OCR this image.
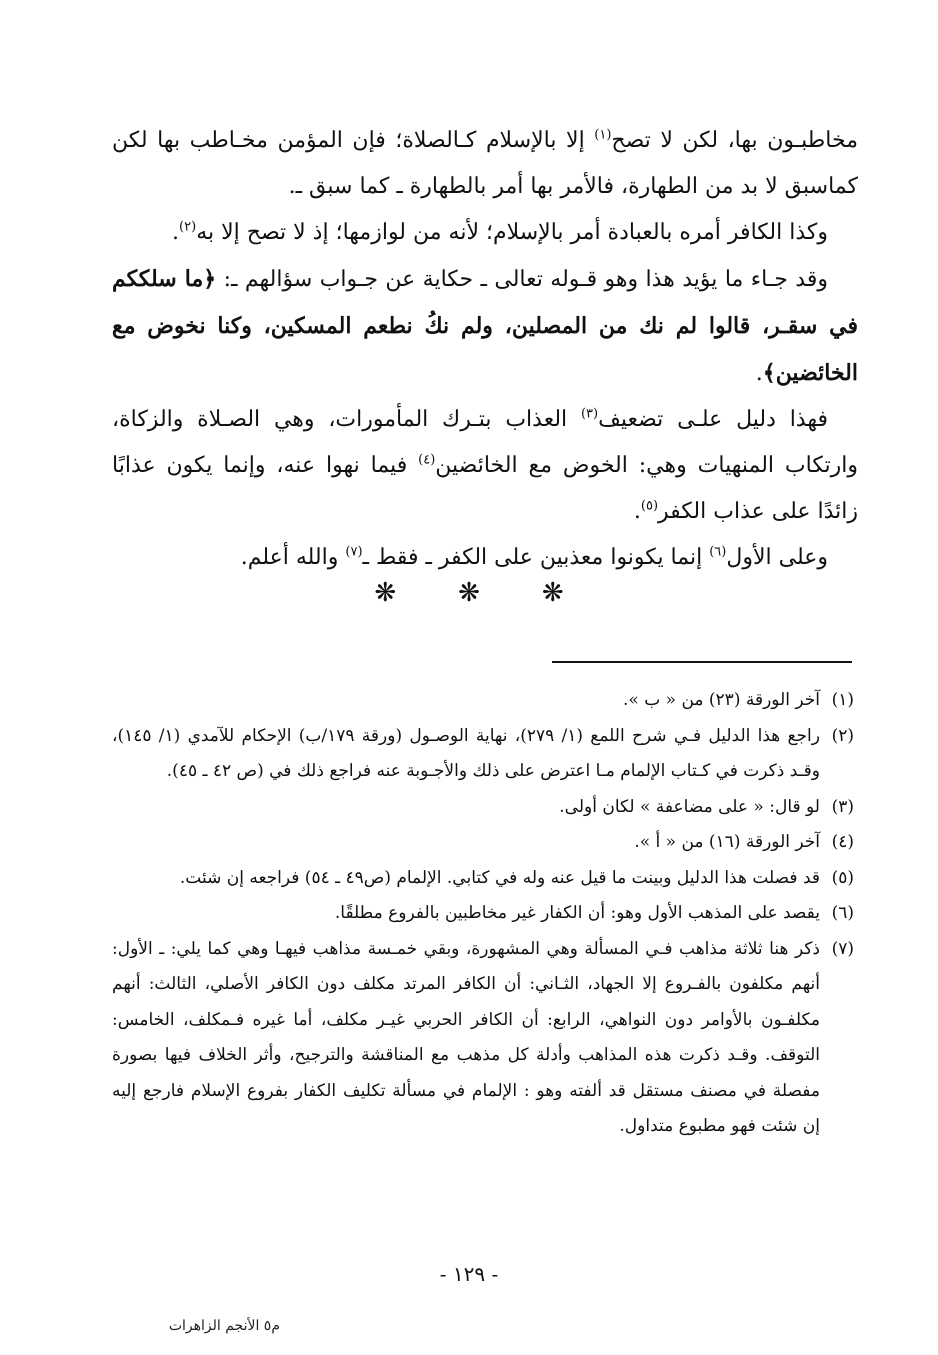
مخاطبـون بها، لكن لا تصح$^{(١)}$ إلا بالإسلام كـالصلاة؛ فإن المؤمن مخـاطب بها لكن كماسبق لا بد من الطهارة، فالأمر بها أمر بالطهارة ـ كما سبق ـ.

وكذا الكافر أمره بالعبادة أمر بالإسلام؛ لأنه من لوازمها؛ إذ لا تصح إلا به$^{(٢)}$.

وقد جـاء ما يؤيد هذا وهو قـوله تعالى ـ حكاية عن جـواب سؤالهم ـ: ﴿ما سلككم في سقـر، قالوا لم نك من المصلين، ولم نكُ نطعم المسكين، وكنا نخوض مع الخائضين﴾.

فهذا دليل علـى تضعيف$^{(٣)}$ العذاب بتـرك المأمورات، وهي الصـلاة والزكاة، وارتكاب المنهيات وهي: الخوض مع الخائضين$^{(٤)}$ فيما نهوا عنه، وإنما يكون عذابًا زائدًا على عذاب الكفر$^{(٥)}$.

وعلى الأول$^{(٦)}$ إنما يكونوا معذبين على الكفر ـ فقط ـ$^{(٧)}$ والله أعلم.

❋
❋
❋
(١)
آخر الورقة (٢٣) من « ب ».
(٢)
راجع هذا الدليل فـي شرح اللمع (١/ ٢٧٩)، نهاية الوصـول (ورقة ١٧٩/ب) الإحكام للآمدي (١/ ١٤٥)، وقـد ذكرت في كـتاب الإلمام مـا اعترض على ذلك والأجـوبة عنه فراجع ذلك في (ص ٤٢ ـ ٤٥).
(٣)
لو قال: « على مضاعفة » لكان أولى.
(٤)
آخر الورقة (١٦) من « أ ».
(٥)
قد فصلت هذا الدليل وبينت ما قيل عنه وله في كتابي. الإلمام (ص٤٩ ـ ٥٤) فراجعه إن شئت.
(٦)
يقصد على المذهب الأول وهو: أن الكفار غير مخاطبين بالفروع مطلقًا.
(٧)
ذكر هنا ثلاثة مذاهب فـي المسألة وهي المشهورة، وبقي خمـسة مذاهب فيهـا وهي كما يلي: ـ الأول: أنهم مكلفون بالفـروع إلا الجهاد، الثـاني: أن الكافر المرتد مكلف دون الكافر الأصلي، الثالث: أنهم مكلفـون بالأوامر دون النواهي، الرابع: أن الكافر الحربي غيـر مكلف، أما غيره فـمكلف، الخامس: التوقف. وقـد ذكرت هذه المذاهب وأدلة كل مذهب مع المناقشة والترجيح، وأثر الخلاف فيها بصورة مفصلة في مصنف مستقل قد ألفته وهو : الإلمام في مسألة تكليف الكفار بفروع الإسلام فارجع إليه إن شئت فهو مطبوع متداول.
- ١٢٩ -
م٥ الأنجم الزاهرات
